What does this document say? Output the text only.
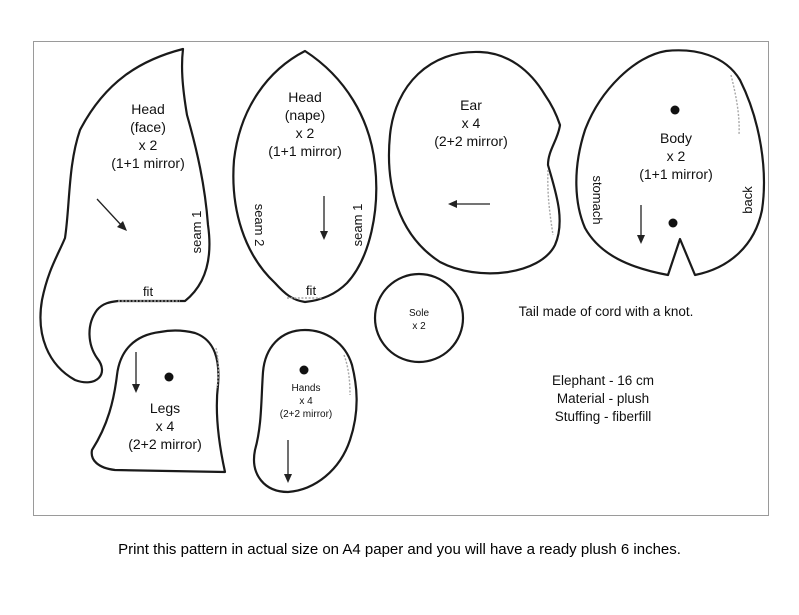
Head
(face)
x 2
(1+1 mirror)
seam 1
fit
Head
(nape)
x 2
(1+1 mirror)
seam 2	seam 1
fit
Ear
x 4
(2+2 mirror)	Body
x 2
(1+1 mirror)
stomach	back
Sole
x 2
Legs
x 4
(2+2 mirror)
Hands
x 4
(2+2 mirror)
Tail made of cord with a knot.
Elephant - 16 cm
Material - plush
Stuffing - fiberfill
Print this pattern in actual size on A4 paper and you will have a ready plush 6 inches.
